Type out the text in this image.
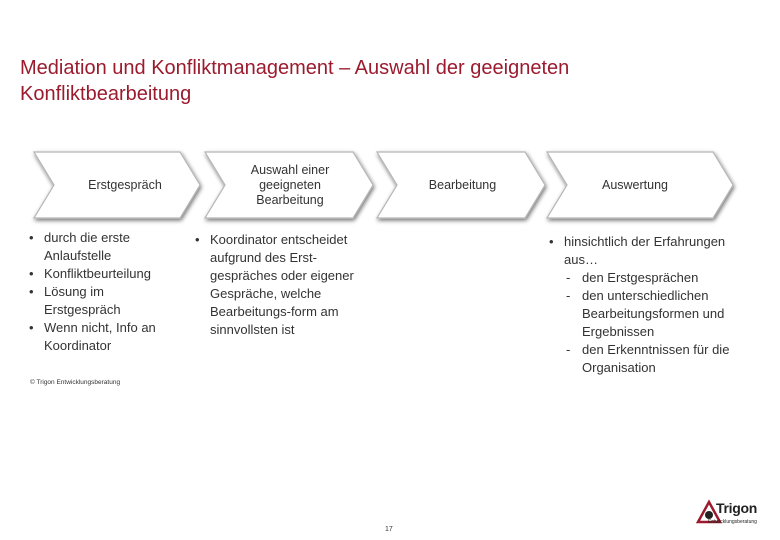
Mediation und Konfliktmanagement – Auswahl der geeigneten Konfliktbearbeitung
Erstgespräch
Auswahl einer
geeigneten
Bearbeitung
Bearbeitung	Auswertung
• durch die erste Anlaufstelle
• Konfliktbeurteilung
• Lösung im Erstgespräch
• Wenn nicht, Info an Koordinator
• Koordinator entscheidet aufgrund des Erst-gespräches oder eigener Gespräche, welche Bearbeitungs-form am sinnvollsten ist
• hinsichtlich der Erfahrungen aus…
- den Erstgesprächen
- den unterschiedlichen Bearbeitungsformen und Ergebnissen
- den Erkenntnissen für die Organisation
© Trigon Entwicklungsberatung
17
Trigon
Entwicklungsberatung
